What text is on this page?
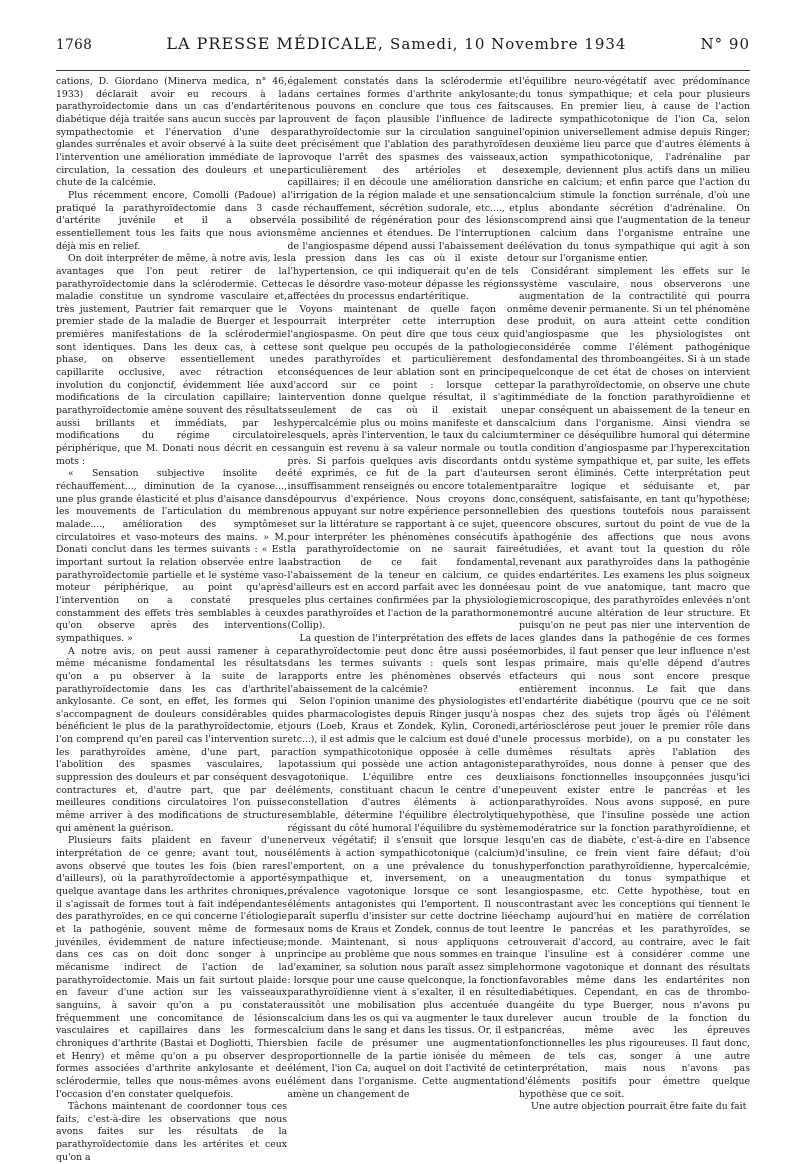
1768	LA PRESSE MÉDICALE, Samedi, 10 Novembre 1934	N° 90

cations, D. Giordano (Minerva medica, n° 46, 1933) déclarait avoir eu recours à la parathyroïdectomie dans un cas d'endartérite diabétique déjà traitée sans aucun succès par la sympathectomie et l'énervation d'une des glandes surrénales et avoir observé à la suite de l'intervention une amélioration immédiate de la circulation, la cessation des douleurs et une chute de la calcémie.

Plus récemment encore, Comolli (Padoue) a pratiqué la parathyroïdectomie dans 3 cas d'artérite juvénile et il a observé essentiellement tous les faits que nous avions déjà mis en relief.

On doit interpréter de même, à notre avis, les avantages que l'on peut retirer de la parathyroïdectomie dans la sclérodermie. Cette maladie constitue un syndrome vasculaire et, très justement, Pautrier fait remarquer que le premier stade de la maladie de Buerger et les premières manifestations de la sclérodermie sont identiques. Dans les deux cas, à cette phase, on observe essentiellement une capillarite occlusive, avec rétraction et involution du conjonctif, évidemment liée aux modifications de la circulation capillaire; la parathyroïdectomie amène souvent des résultats aussi brillants et immédiats, par les modifications du régime circulatoire périphérique, que M. Donati nous décrit en ces mots :

« Sensation subjective insolite de réchauffement..., diminution de la cyanose..., une plus grande élasticité et plus d'aisance dans les mouvements de l'articulation du membre malade...., amélioration des symptômes circulatoires et vaso-moteurs des mains. » M. Donati conclut dans les termes suivants : « Est important surtout la relation observée entre la parathyroïdectomie partielle et le système vaso-moteur périphérique, au point qu'après l'intervention on a constaté presque constamment des effets très semblables à ceux qu'on observe après des interventions sympathiques. »

A notre avis, on peut aussi ramener à ce même mécanisme fondamental les résultats qu'on a pu observer à la suite de la parathyroïdectomie dans les cas d'arthrite ankylosante. Ce sont, en effet, les formes qui s'accompagnent de douleurs considérables qui bénéficient le plus de la parathyroïdectomie, et l'on comprend qu'en pareil cas l'intervention sur les parathyroïdes amène, d'une part, par l'abolition des spasmes vasculaires, la suppression des douleurs et par conséquent des contractures et, d'autre part, que par de meilleures conditions circulatoires l'on puisse même arriver à des modifications de structure qui amènent la guérison.

Plusieurs faits plaident en faveur d'une interprétation de ce genre; avant tout, nous avons observé que toutes les fois (bien rares d'ailleurs), où la parathyroïdectomie a apporté quelque avantage dans les arthrites chroniques, il s'agissait de formes tout à fait indépendantes des parathyroïdes, en ce qui concerne l'étiologie et la pathogénie, souvent même de formes juvéniles, évidemment de nature infectieuse; dans ces cas on doit donc songer à un mécanisme indirect de l'action de la parathyroïdectomie. Mais un fait surtout plaide en faveur d'une action sur les vaisseaux sanguins, à savoir qu'on a pu constater fréquemment une concomitance de lésions vasculaires et capillaires dans les formes chroniques d'arthrite (Bastai et Dogliotti, Thiers et Henry) et même qu'on a pu observer des formes associées d'arthrite ankylosante et de sclérodermie, telles que nous-mêmes avons eu l'occasion d'en constater quelquefois.

Tâchons maintenant de coordonner tous ces faits, c'est-à-dire les observations que nous avons faites sur les résultats de la parathyroïdectomie dans les artérites et ceux qu'on a

également constatés dans la sclérodermie et dans certaines formes d'arthrite ankylosante; nous pouvons en conclure que tous ces faits prouvent de façon plausible l'influence de la parathyroïdectomie sur la circulation sanguine et précisément que l'ablation des parathyroïdes provoque l'arrêt des spasmes des vaisseaux, particulièrement des artérioles et des capillaires; il en découle une amélioration dans l'irrigation de la région malade et une sensation de réchauffement, sécrétion sudorale, etc...., et la possibilité de régénération pour des lésions même anciennes et étendues. De l'interruption de l'angiospasme dépend aussi l'abaissement de la pression dans les cas où il existe de l'hypertension, ce qui indiquerait qu'en de tels cas le désordre vaso-moteur dépasse les régions affectées du processus endartéritique.

Voyons maintenant de quelle façon on pourrait interpréter cette interruption de l'angiospasme. On peut dire que tous ceux qui se sont quelque peu occupés de la pathologie des parathyroïdes et particulièrement des conséquences de leur ablation sont en principe d'accord sur ce point : lorsque cette intervention donne quelque résultat, il s'agit seulement de cas où il existait une hypercalcémie plus ou moins manifeste et dans lesquels, après l'intervention, le taux du calcium sanguin est revenu à sa valeur normale ou tout près. Si parfois quelques avis discordants ont été exprimés, ce fut de la part d'auteurs insuffisamment renseignés ou encore totalement dépourvus d'expérience. Nous croyons donc, nous appuyant sur notre expérience personnelle et sur la littérature se rapportant à ce sujet, que pour interpréter les phénomènes consécutifs à la parathyroïdectomie on ne saurait faire abstraction de ce fait fondamental, l'abaissement de la teneur en calcium, ce qui d'ailleurs est en accord parfait avec les données les plus certaines confirmées par la physiologie des parathyroïdes et l'action de la parathormone (Collip).

La question de l'interprétation des effets de la parathyroïdectomie peut donc être aussi posée dans les termes suivants : quels sont les rapports entre les phénomènes observés et l'abaissement de la calcémie?

Selon l'opinion unanime des physiologistes et des pharmacologistes depuis Ringer jusqu'à nos jours (Loeb, Kraus et Zondek, Kylin, Coronedi, etc...), il est admis que le calcium est doué d'une action sympathicotonique opposée à celle du potassium qui possède une action antagoniste vagotonique. L'équilibre entre ces deux éléments, constituant chacun le centre d'une constellation d'autres éléments à action semblable, détermine l'équilibre électrolytique régissant du côté humoral l'équilibre du système nerveux végétatif; il s'ensuit que lorsque les éléments à action sympathicotonique (calcium) l'emportent, on a une prévalence du tonus sympathique et, inversement, on a une prévalence vagotonique lorsque ce sont les éléments antagonistes qui l'emportent. Il nous paraît superflu d'insister sur cette doctrine liée aux noms de Kraus et Zondek, connus de tout le monde. Maintenant, si nous appliquons ce principe au problème que nous sommes en train d'examiner, sa solution nous paraît assez simple : lorsque pour une cause quelconque, la fonction parathyroïdienne vient à s'exalter, il en résulte aussitôt une mobilisation plus accentuée du calcium dans les os qui va augmenter le taux du calcium dans le sang et dans les tissus. Or, il est bien facile de présumer une augmentation proportionnelle de la partie ionisée du même élément, l'ion Ca, auquel on doit l'activité de cet élément dans l'organisme. Cette augmentation amène un changement de

l'équilibre neuro-végétatif avec prédominance du tonus sympathique; et cela pour plusieurs causes. En premier lieu, à cause de l'action directe sympathicotonique de l'ion Ca, selon l'opinion universellement admise depuis Ringer; en deuxième lieu parce que d'autres éléments à action sympathicotonique, l'adrénaline par exemple, deviennent plus actifs dans un milieu riche en calcium; et enfin parce que l'action du calcium stimule la fonction surrénale, d'où une plus abondante sécrétion d'adrénaline. On comprend ainsi que l'augmentation de la teneur en calcium dans l'organisme entraîne une élévation du tonus sympathique qui agit à son tour sur l'organisme entier.

Considérant simplement les effets sur le système vasculaire, nous observerons une augmentation de la contractilité qui pourra même devenir permanente. Si un tel phénomène se produit, on aura atteint cette condition d'angiospasme que les physiologistes ont considérée comme l'élément pathogénique fondamental des thromboangéites. Si à un stade quelconque de cet état de choses on intervient par la parathyroïdectomie, on observe une chute immédiate de la fonction parathyroïdienne et par conséquent un abaissement de la teneur en calcium dans l'organisme. Ainsi viendra se terminer ce déséquilibre humoral qui détermine la condition d'angiospasme par l'hyperexcitation du système sympathique et, par suite, les effets en seront éliminés. Cette interprétation peut paraître logique et séduisante et, par conséquent, satisfaisante, en tant qu'hypothèse; bien des questions toutefois nous paraissent encore obscures, surtout du point de vue de la pathogénie des affections que nous avons étudiées, et avant tout la question du rôle revenant aux parathyroïdes dans la pathogénie des endartérites. Les examens les plus soigneux au point de vue anatomique, tant macro que microscopique, des parathyroïdes enlevées n'ont montré aucune altération de leur structure. Et puisqu'on ne peut pas nier une intervention de ces glandes dans la pathogénie de ces formes morbides, il faut penser que leur influence n'est pas primaire, mais qu'elle dépend d'autres facteurs qui nous sont encore presque entièrement inconnus. Le fait que dans l'endartérite diabétique (pourvu que ce ne soit pas chez des sujets trop âgés où l'élément artériosclérose peut jouer le premier rôle dans le processus morbide), on a pu constater les mêmes résultats après l'ablation des parathyroïdes, nous donne à penser que des liaisons fonctionnelles insoupçonnées jusqu'ici peuvent exister entre le pancréas et les parathyroïdes. Nous avons supposé, en pure hypothèse, que l'insuline possède une action modératrice sur la fonction parathyroïdienne, et qu'en cas de diabète, c'est-à-dire en l'absence d'insuline, ce frein vient faire défaut; d'où hyperfonction parathyroïdienne, hypercalcémie, augmentation du tonus sympathique et angiospasme, etc. Cette hypothèse, tout en contrastant avec les conceptions qui tiennent le champ aujourd'hui en matière de corrélation entre le pancréas et les parathyroïdes, se trouverait d'accord, au contraire, avec le fait que l'insuline est à considérer comme une hormone vagotonique et donnant des résultats favorables même dans les endartérites non diabétiques. Cependant, en cas de thrombo-angéite du type Buerger, nous n'avons pu relever aucun trouble de la fonction du pancréas, même avec les épreuves fonctionnelles les plus rigoureuses. Il faut donc, en de tels cas, songer à une autre interprétation, mais nous n'avons pas d'éléments positifs pour émettre quelque hypothèse que ce soit.

Une autre objection pourrait être faite du fait
